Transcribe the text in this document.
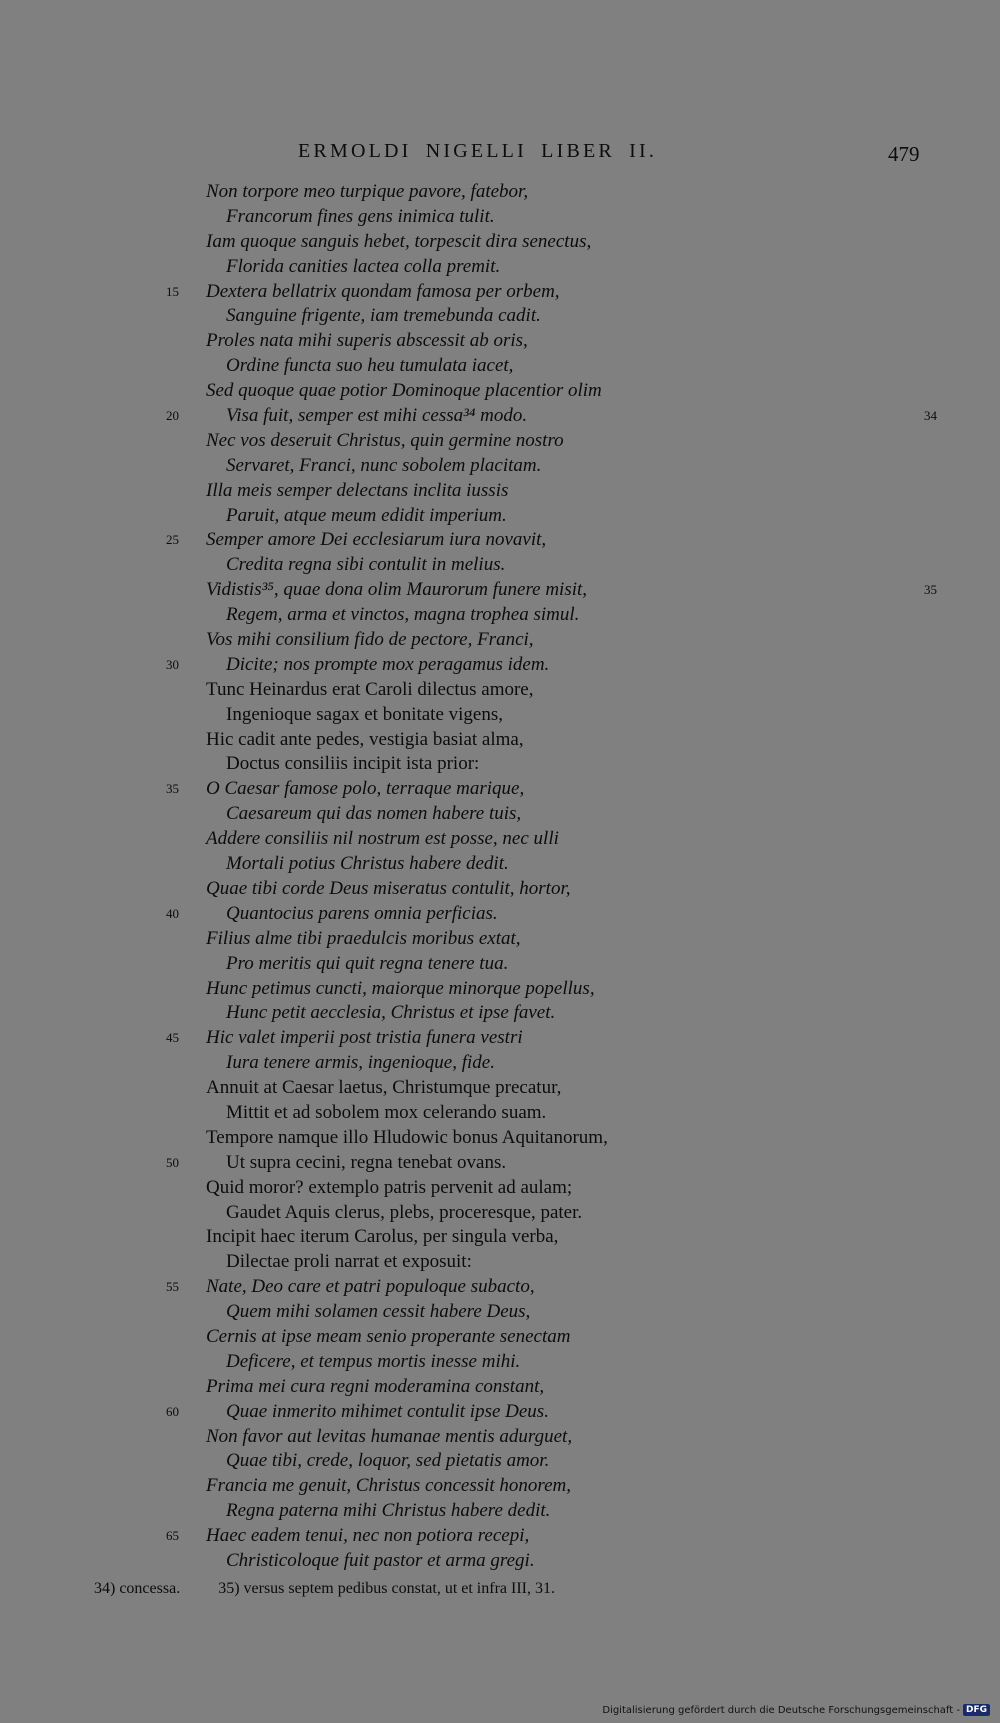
ERMOLDI NIGELLI LIBER II.	479
Non torpore meo turpique pavore, fatebor,
Francorum fines gens inimica tulit.
Iam quoque sanguis hebet, torpescit dira senectus,
Florida canities lactea colla premit.
15 Dextera bellatrix quondam famosa per orbem,
Sanguine frigente, iam tremebunda cadit.
Proles nata mihi superis abscessit ab oris,
Ordine functa suo heu tumulata iacet,
Sed quoque quae potior Dominoque placentior olim
20 Visa fuit, semper est mihi cessa³⁴ modo.	34
Nec vos deseruit Christus, quin germine nostro
Servaret, Franci, nunc sobolem placitam.
Illa meis semper delectans inclita iussis
Paruit, atque meum edidit imperium.
25 Semper amore Dei ecclesiarum iura novavit,
Credita regna sibi contulit in melius.
Vidistis³⁵, quae dona olim Maurorum funere misit,	35
Regem, arma et vinctos, magna trophea simul.
Vos mihi consilium fido de pectore, Franci,
30 Dicite; nos prompte mox peragamus idem.
Tunc Heinardus erat Caroli dilectus amore,
Ingenioque sagax et bonitate vigens,
Hic cadit ante pedes, vestigia basiat alma,
Doctus consiliis incipit ista prior:
35 O Caesar famose polo, terraque marique,
Caesareum qui das nomen habere tuis,
Addere consiliis nil nostrum est posse, nec ulli
Mortali potius Christus habere dedit.
Quae tibi corde Deus miseratus contulit, hortor,
40 Quantocius parens omnia perficias.
Filius alme tibi praedulcis moribus extat,
Pro meritis qui quit regna tenere tua.
Hunc petimus cuncti, maiorque minorque popellus,
Hunc petit aecclesia, Christus et ipse favet.
45 Hic valet imperii post tristia funera vestri
Iura tenere armis, ingenioque, fide.
Annuit at Caesar laetus, Christumque precatur,
Mittit et ad sobolem mox celerando suam.
Tempore namque illo Hludowic bonus Aquitanorum,
50 Ut supra cecini, regna tenebat ovans.
Quid moror? extemplo patris pervenit ad aulam;
Gaudet Aquis clerus, plebs, proceresque, pater.
Incipit haec iterum Carolus, per singula verba,
Dilectae proli narrat et exposuit:
55 Nate, Deo care et patri populoque subacto,
Quem mihi solamen cessit habere Deus,
Cernis at ipse meam senio properante senectam
Deficere, et tempus mortis inesse mihi.
Prima mei cura regni moderamina constant,
60 Quae inmerito mihimet contulit ipse Deus.
Non favor aut levitas humanae mentis adurguet,
Quae tibi, crede, loquor, sed pietatis amor.
Francia me genuit, Christus concessit honorem,
Regna paterna mihi Christus habere dedit.
65 Haec eadem tenui, nec non potiora recepi,
Christicoloque fuit pastor et arma gregi.
34) concessa. 35) versus septem pedibus constat, ut et infra III, 31.
Digitalisierung gefördert durch die Deutsche Forschungsgemeinschaft - DFG
